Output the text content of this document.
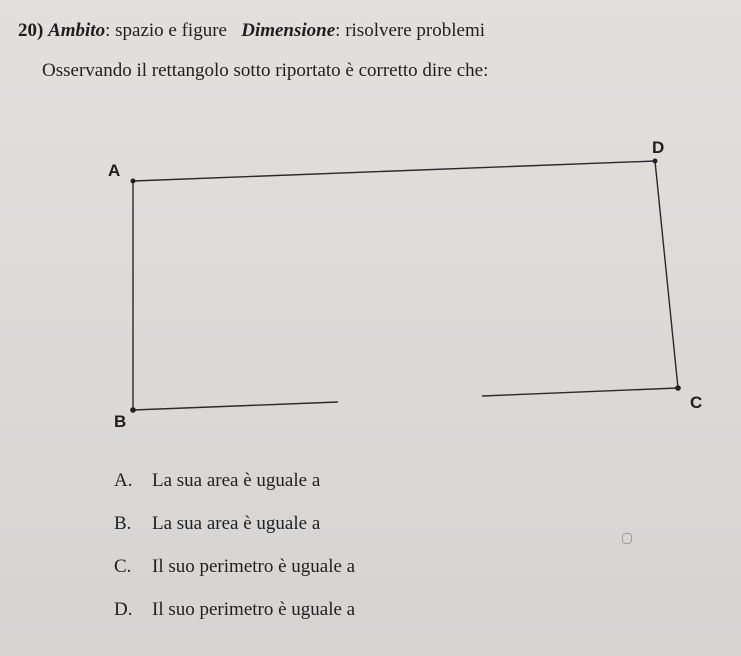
20) Ambito: spazio e figure Dimensione: risolvere problemi
Osservando il rettangolo sotto riportato è corretto dire che:
A
D
C
B
A. La sua area è uguale a
B. La sua area è uguale a
C. Il suo perimetro è uguale a
D. Il suo perimetro è uguale a
